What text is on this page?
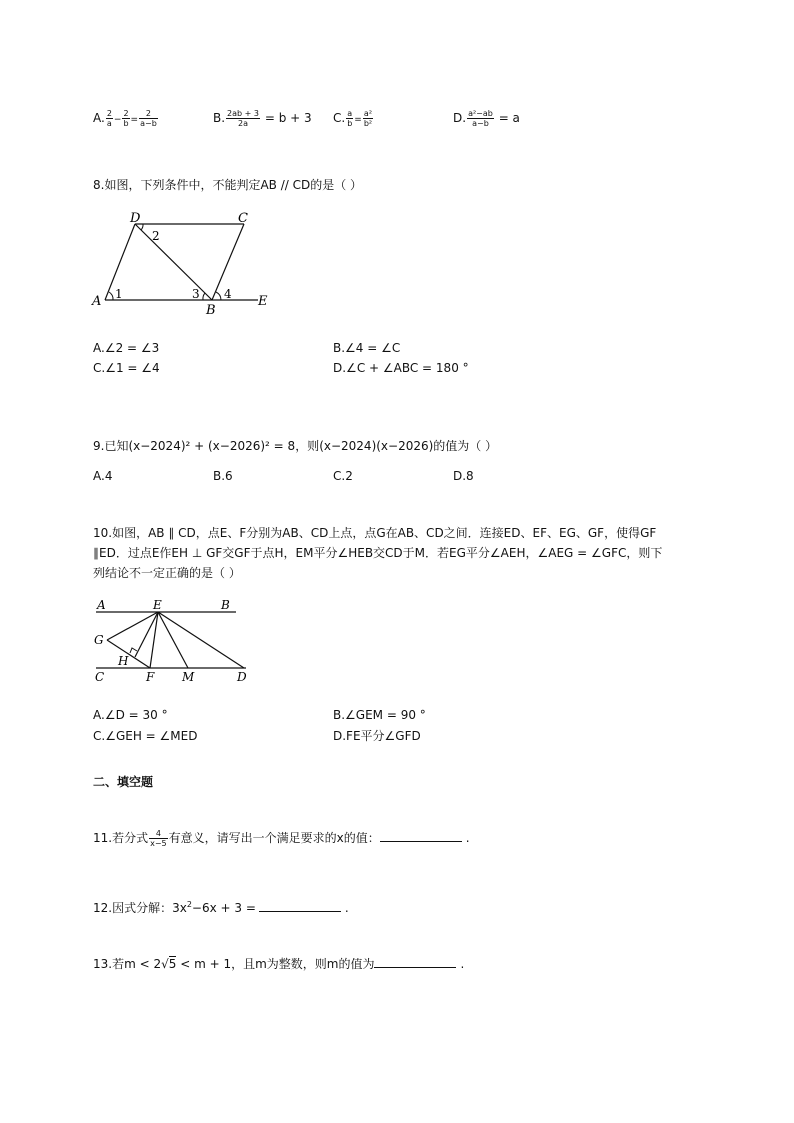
A. $\frac{2}{a} - \frac{2}{b} = \frac{2}{a-b}$	B. $\frac{2ab + 3}{2a} = b + 3$ C. $\frac{a}{b} = \frac{\text{a²}}{\text{b²}}$	D. $\frac{\text{a²−ab}}{a-b} = a$
8.如图，下列条件中，不能判定AB // CD的是（ ）
D	C
A
B
E
1
2
3 4
A.∠2 = ∠3	B.∠4 = ∠C
C.∠1 = ∠4	D.∠C + ∠ABC = 180 °
9.已知(x−2024)² + (x−2026)² = 8，则(x−2024)(x−2026)的值为（ ）
A.4	B.6	C.2	D.8
10.如图，AB ∥ CD，点E、F分别为AB、CD上点，点G在AB、CD之间．连接ED、EF、EG、GF，使得GF
∥ED．过点E作EH ⊥ GF交GF于点H，EM平分∠HEB交CD于M．若EG平分∠AEH，∠AEG = ∠GFC，则下
列结论不一定正确的是（ ）
A	E	B
G
H
C	F M	D
A.∠D = 30 °	B.∠GEM = 90 °
C.∠GEH = ∠MED	D.FE平分∠GFD
二、填空题
11.若分式 $\frac{4}{x-5}$ 有意义，请写出一个满足要求的x的值：	.
12.因式分解：$3x^2-6x + 3$ =	.
13.若m < 2√5 < m + 1，且m为整数，则m的值为	.
